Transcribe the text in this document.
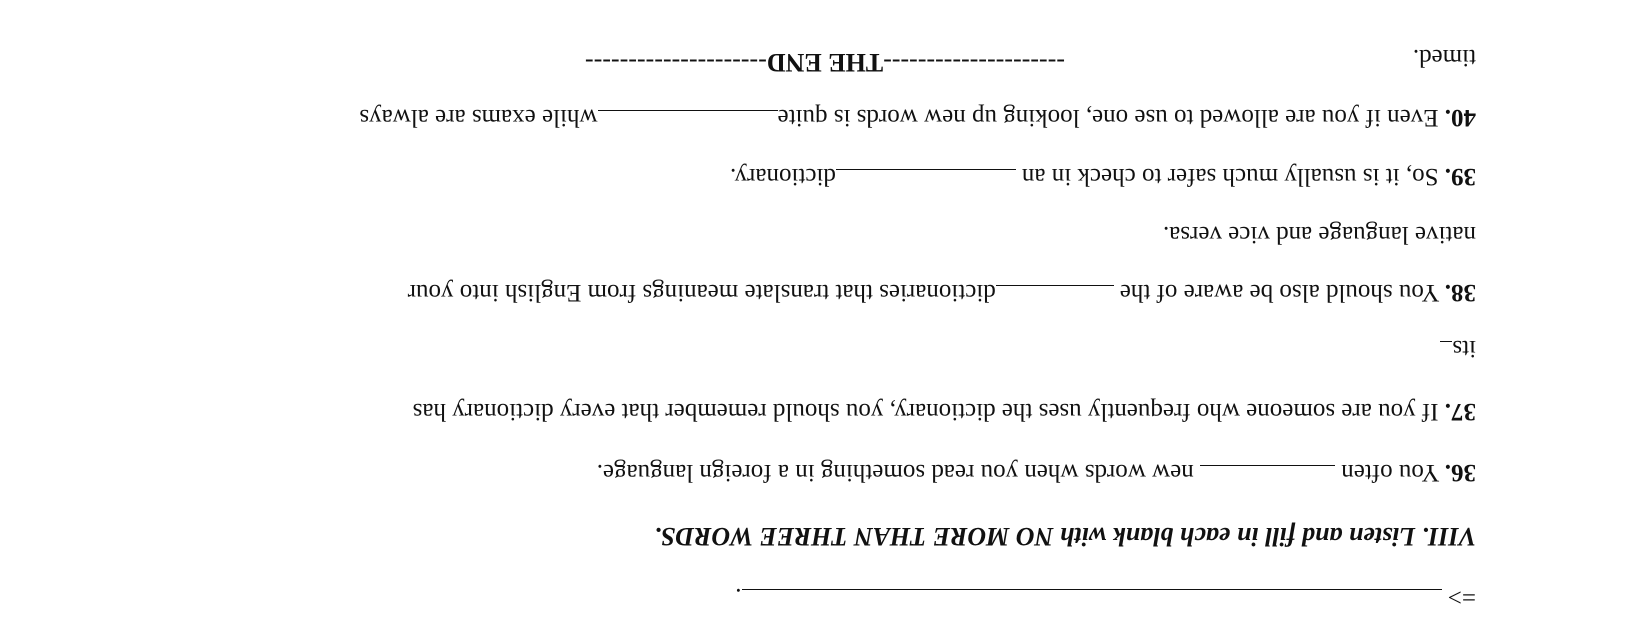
=> .
VIII. Listen and fill in each blank with NO MORE THAN THREE WORDS.
36. You often  new words when you read something in a foreign language.
37. If you are someone who frequently uses the dictionary, you should remember that every dictionary has
its
38. You should also be aware of thedictionaries that translate meanings from English into your
native language and vice versa.
39. So, it is usually much safer to check in andictionary.
40. Even if you are allowed to use one, looking up new words is quitewhile exams are always
timed.
---------------------THE END---------------------
